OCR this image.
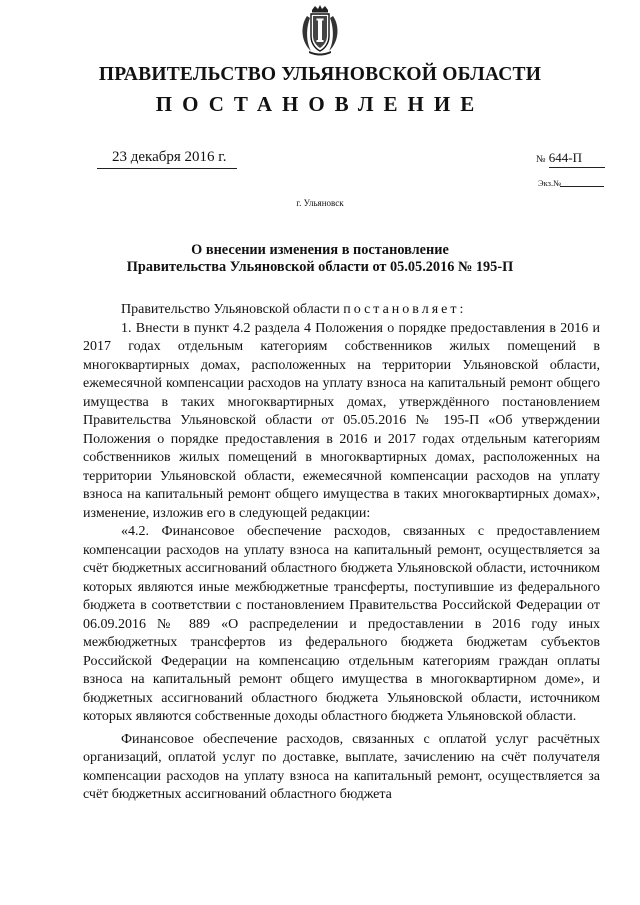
ПРАВИТЕЛЬСТВО УЛЬЯНОВСКОЙ ОБЛАСТИ
ПОСТАНОВЛЕНИЕ
23 декабря 2016 г.	№ 644-П
Экз.№
г. Ульяновск
О внесении изменения в постановление
Правительства Ульяновской области от 05.05.2016 № 195-П

Правительство Ульяновской области постановляет:

1. Внести в пункт 4.2 раздела 4 Положения о порядке предоставления в 2016 и 2017 годах отдельным категориям собственников жилых помещений в многоквартирных домах, расположенных на территории Ульяновской области, ежемесячной компенсации расходов на уплату взноса на капитальный ремонт общего имущества в таких многоквартирных домах, утверждённого постановлением Правительства Ульяновской области от 05.05.2016 № 195-П «Об утверждении Положения о порядке предоставления в 2016 и 2017 годах отдельным категориям собственников жилых помещений в многоквартирных домах, расположенных на территории Ульяновской области, ежемесячной компенсации расходов на уплату взноса на капитальный ремонт общего имущества в таких многоквартирных домах», изменение, изложив его в следующей редакции:

«4.2. Финансовое обеспечение расходов, связанных с предоставлением компенсации расходов на уплату взноса на капитальный ремонт, осуществляется за счёт бюджетных ассигнований областного бюджета Ульяновской области, источником которых являются иные межбюджетные трансферты, поступившие из федерального бюджета в соответствии с постановлением Правительства Российской Федерации от 06.09.2016 № 889 «О распределении и предоставлении в 2016 году иных межбюджетных трансфертов из федерального бюджета бюджетам субъектов Российской Федерации на компенсацию отдельным категориям граждан оплаты взноса на капитальный ремонт общего имущества в многоквартирном доме», и бюджетных ассигнований областного бюджета Ульяновской области, источником которых являются собственные доходы областного бюджета Ульяновской области.

Финансовое обеспечение расходов, связанных с оплатой услуг расчётных организаций, оплатой услуг по доставке, выплате, зачислению на счёт получателя компенсации расходов на уплату взноса на капитальный ремонт, осуществляется за счёт бюджетных ассигнований областного бюджета
